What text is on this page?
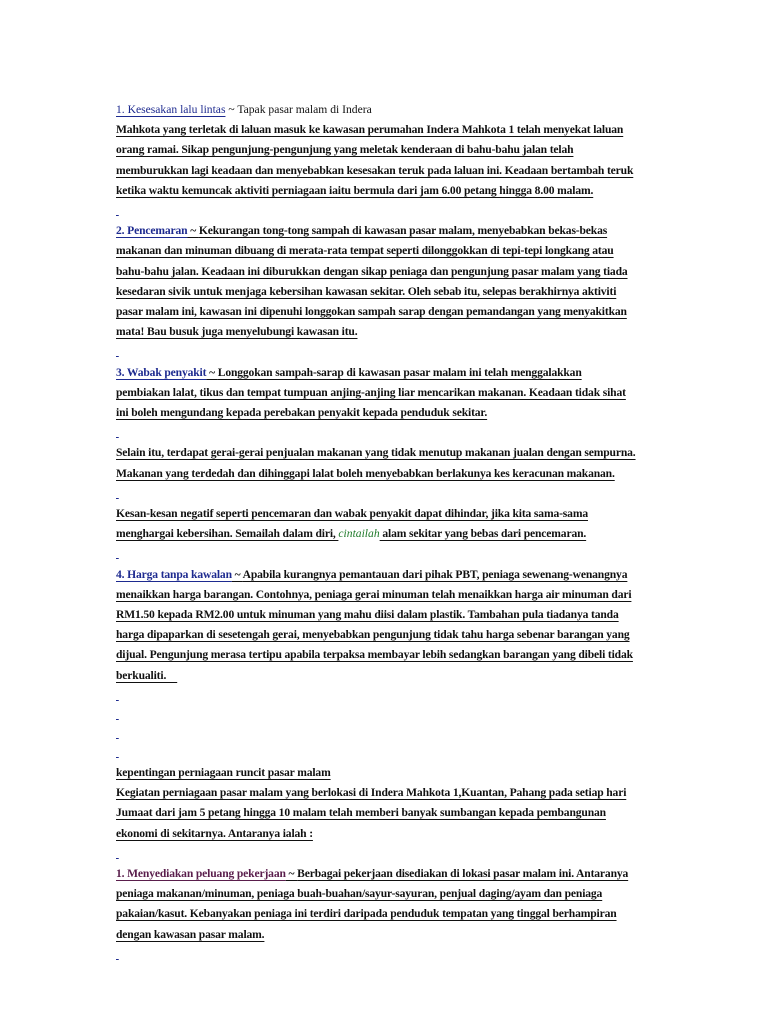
1. Kesesakan lalu lintas ~ Tapak pasar malam di Indera
Mahkota yang terletak di laluan masuk ke kawasan perumahan Indera Mahkota 1 telah menyekat laluan
orang ramai. Sikap pengunjung-pengunjung yang meletak kenderaan di bahu-bahu jalan telah
memburukkan lagi keadaan dan menyebabkan kesesakan teruk pada laluan ini. Keadaan bertambah teruk
ketika waktu kemuncak aktiviti perniagaan iaitu bermula dari jam 6.00 petang hingga 8.00 malam.

2. Pencemaran ~ Kekurangan tong-tong sampah di kawasan pasar malam, menyebabkan bekas-bekas
makanan dan minuman dibuang di merata-rata tempat seperti dilonggokkan di tepi-tepi longkang atau
bahu-bahu jalan. Keadaan ini diburukkan dengan sikap peniaga dan pengunjung pasar malam yang tiada
kesedaran sivik untuk menjaga kebersihan kawasan sekitar. Oleh sebab itu, selepas berakhirnya aktiviti
pasar malam ini, kawasan ini dipenuhi longgokan sampah sarap dengan pemandangan yang menyakitkan
mata! Bau busuk juga menyelubungi kawasan itu.

3. Wabak penyakit ~ Longgokan sampah-sarap di kawasan pasar malam ini telah menggalakkan
pembiakan lalat, tikus dan tempat tumpuan anjing-anjing liar mencarikan makanan. Keadaan tidak sihat
ini boleh mengundang kepada perebakan penyakit kepada penduduk sekitar.

Selain itu, terdapat gerai-gerai penjualan makanan yang tidak menutup makanan jualan dengan sempurna.
Makanan yang terdedah dan dihinggapi lalat boleh menyebabkan berlakunya kes keracunan makanan.

Kesan-kesan negatif seperti pencemaran dan wabak penyakit dapat dihindar, jika kita sama-sama
menghargai kebersihan. Semailah dalam diri, cintailah alam sekitar yang bebas dari pencemaran.

4. Harga tanpa kawalan ~ Apabila kurangnya pemantauan dari pihak PBT, peniaga sewenang-wenangnya
menaikkan harga barangan. Contohnya, peniaga gerai minuman telah menaikkan harga air minuman dari
RM1.50 kepada RM2.00 untuk minuman yang mahu diisi dalam plastik. Tambahan pula tiadanya tanda
harga dipaparkan di sesetengah gerai, menyebabkan pengunjung tidak tahu harga sebenar barangan yang
dijual. Pengunjung merasa tertipu apabila terpaksa membayar lebih sedangkan barangan yang dibeli tidak
berkualiti.

kepentingan perniagaan runcit pasar malam
Kegiatan perniagaan pasar malam yang berlokasi di Indera Mahkota 1,Kuantan, Pahang pada setiap hari
Jumaat dari jam 5 petang hingga 10 malam telah memberi banyak sumbangan kepada pembangunan
ekonomi di sekitarnya. Antaranya ialah :

1. Menyediakan peluang pekerjaan ~ Berbagai pekerjaan disediakan di lokasi pasar malam ini. Antaranya
peniaga makanan/minuman, peniaga buah-buahan/sayur-sayuran, penjual daging/ayam dan peniaga
pakaian/kasut. Kebanyakan peniaga ini terdiri daripada penduduk tempatan yang tinggal berhampiran
dengan kawasan pasar malam.
